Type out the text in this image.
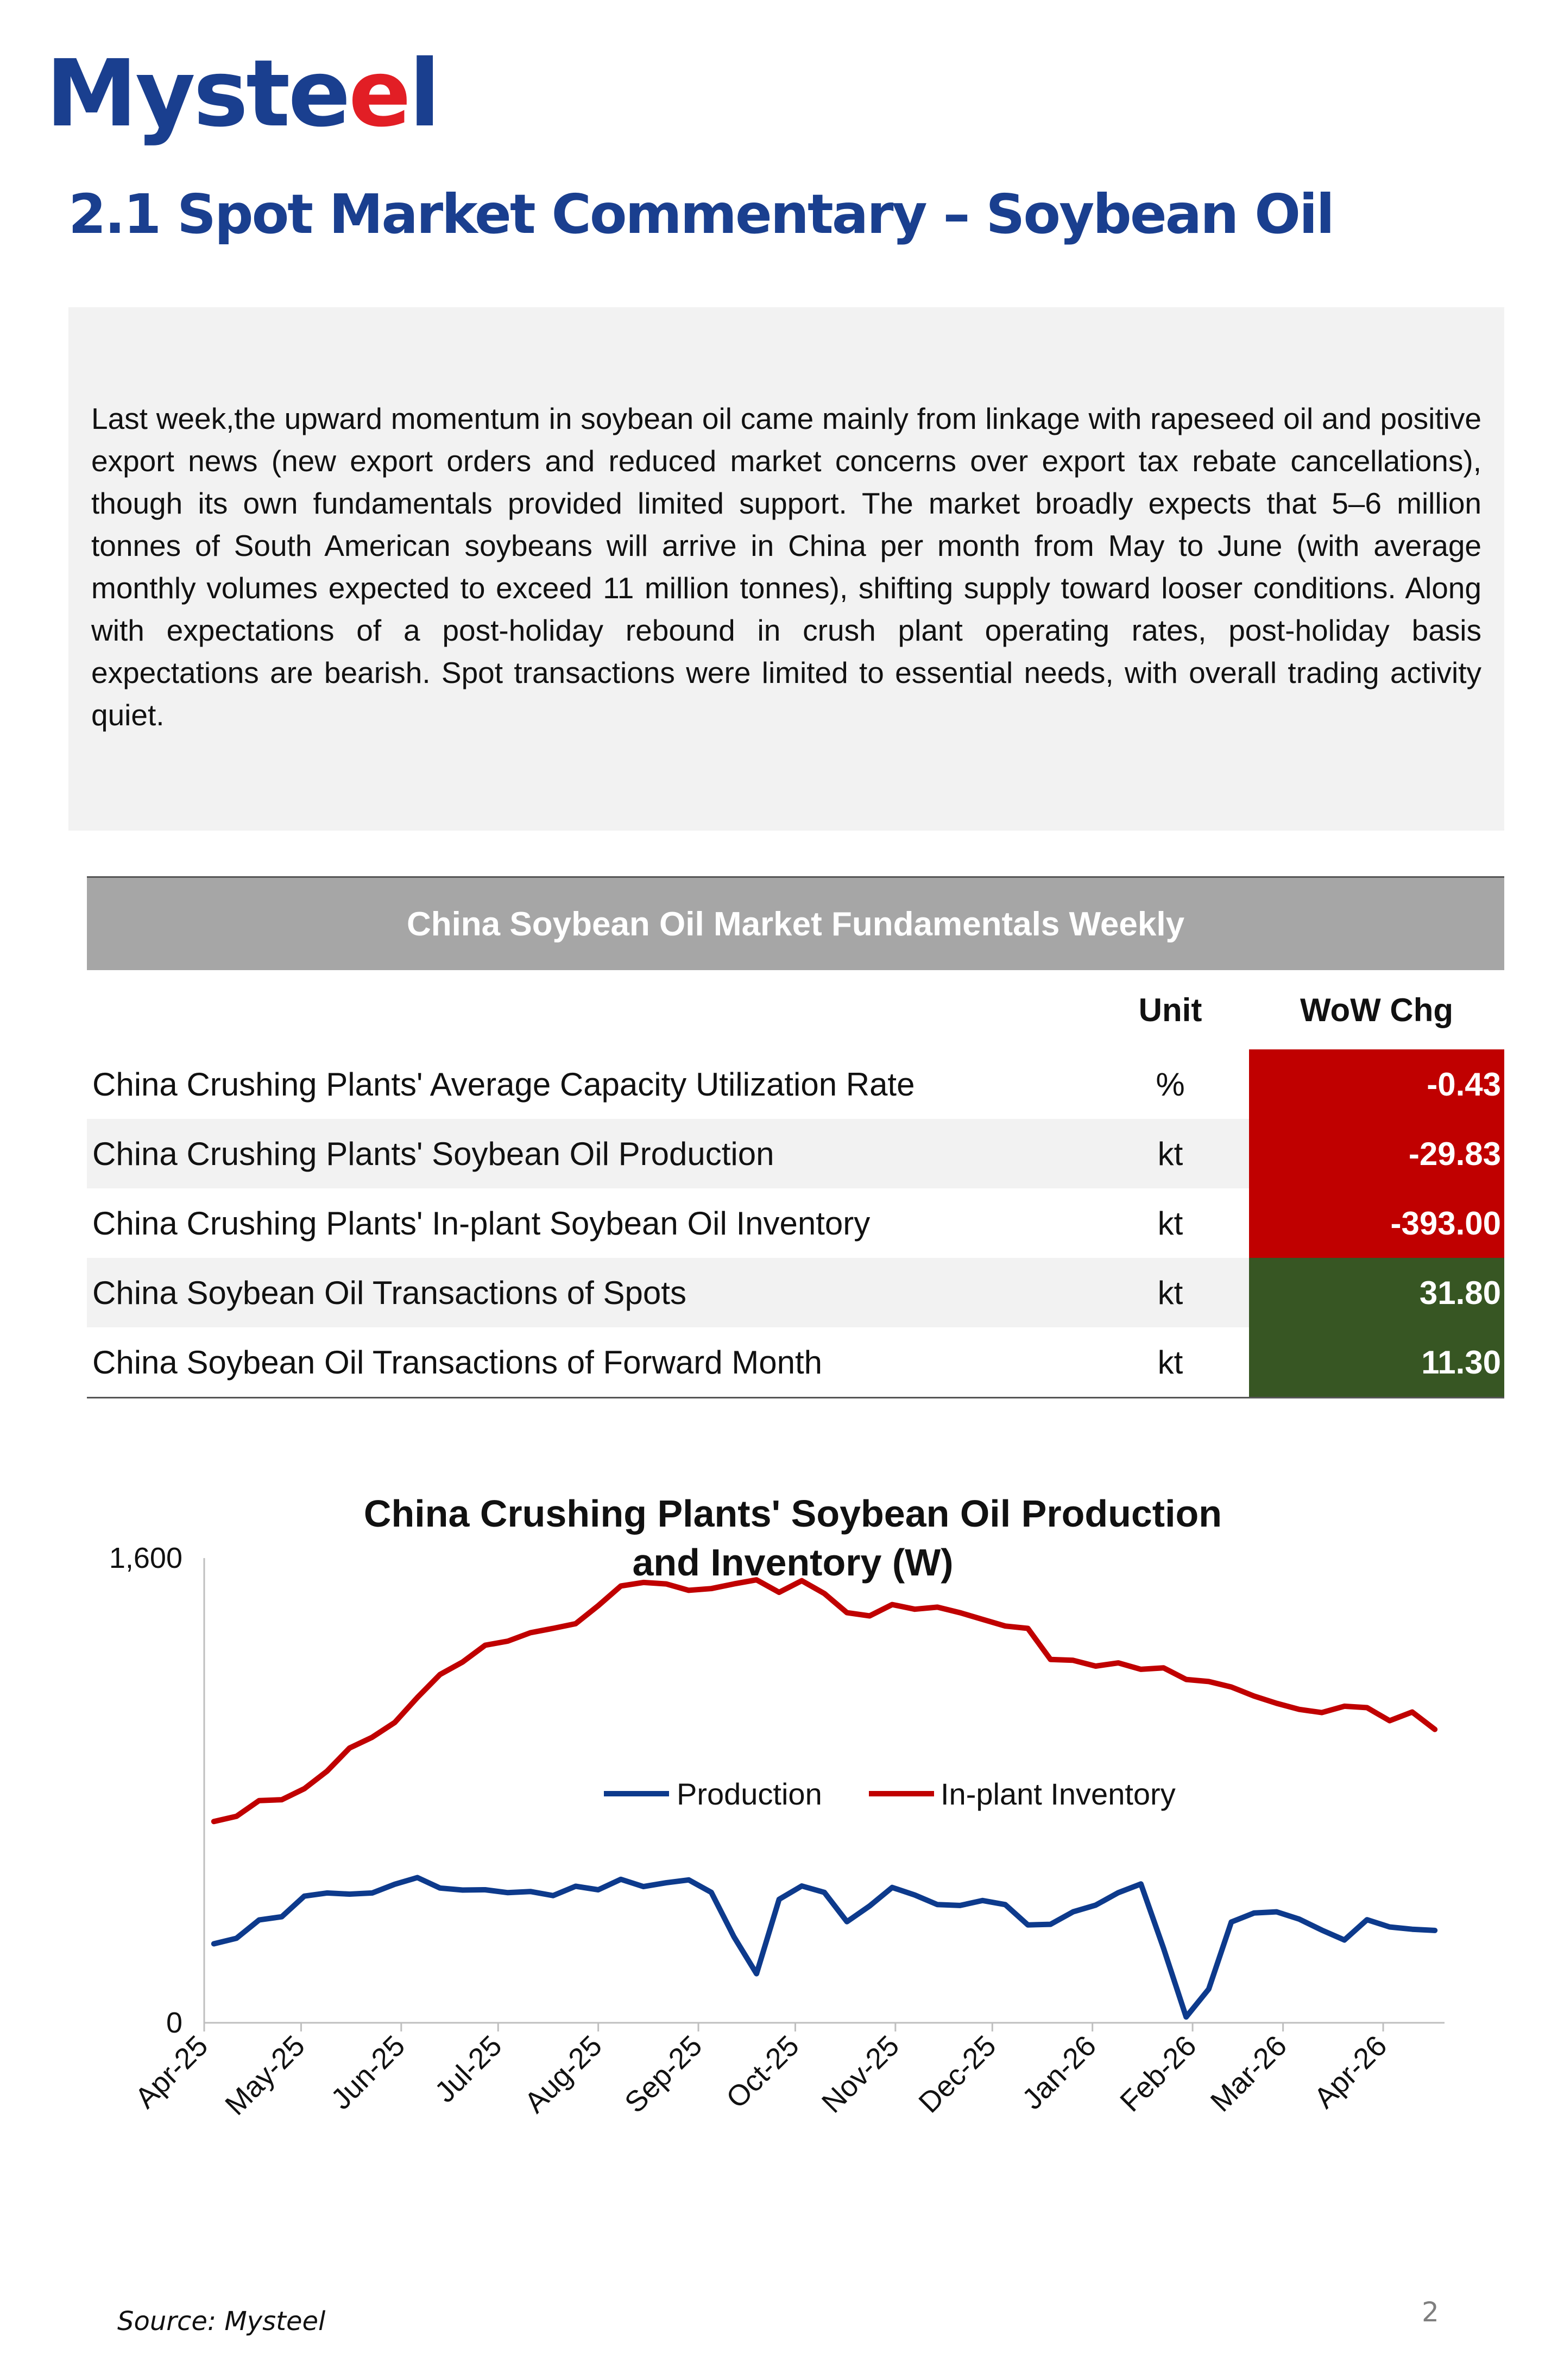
Mysteel
2.1 Spot Market Commentary – Soybean Oil

Last week,the upward momentum in soybean oil came mainly from linkage with rapeseed oil and positive export news (new export orders and reduced market concerns over export tax rebate cancellations), though its own fundamentals provided limited support. The market broadly expects that 5–6 million tonnes of South American soybeans will arrive in China per month from May to June (with average monthly volumes expected to exceed 11 million tonnes), shifting supply toward looser conditions. Along with expectations of a post-holiday rebound in crush plant operating rates, post-holiday basis expectations are bearish. Spot transactions were limited to essential needs, with overall trading activity quiet.

China Soybean Oil Market Fundamentals Weekly		
	Unit	WoW Chg
China Crushing Plants' Average Capacity Utilization Rate	%	-0.43
China Crushing Plants' Soybean Oil Production	kt	-29.83
China Crushing Plants' In-plant Soybean Oil Inventory	kt	-393.00
China Soybean Oil Transactions of Spots	kt	31.80
China Soybean Oil Transactions of Forward Month	kt	11.30
China Crushing Plants' Soybean Oil Production and Inventory (W)
0
1,600
Apr-25 May-25 Jun-25 Jul-25 Aug-25 Sep-25 Oct-25 Nov-25 Dec-25 Jan-26 Feb-26 Mar-26 Apr-26
Production	In-plant Inventory
Source: Mysteel	2
